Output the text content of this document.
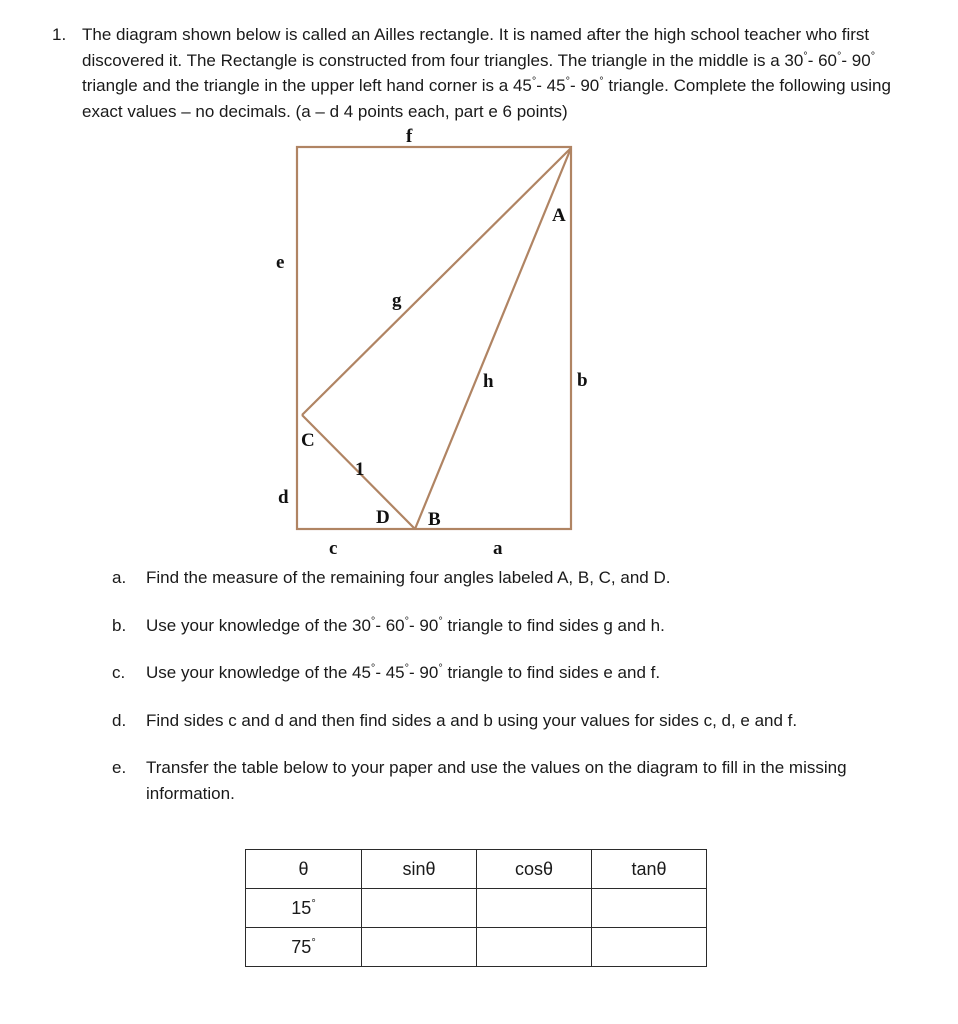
1. The diagram shown below is called an Ailles rectangle. It is named after the high school teacher who first discovered it. The Rectangle is constructed from four triangles. The triangle in the middle is a 30°- 60°- 90° triangle and the triangle in the upper left hand corner is a 45°- 45°- 90° triangle. Complete the following using exact values – no decimals. (a – d 4 points each, part e 6 points)
f
e
g
A
h	b
C
1
d
D B
c	a
a.	Find the measure of the remaining four angles labeled A, B, C, and D.
b.	Use your knowledge of the 30°- 60°- 90° triangle to find sides g and h.
c.	Use your knowledge of the 45°- 45°- 90° triangle to find sides e and f.
d.	Find sides c and d and then find sides a and b using your values for sides c, d, e and f.
e.	Transfer the table below to your paper and use the values on the diagram to fill in the missing information.
θ	sinθ	cosθ	tanθ
15°			
75°			
